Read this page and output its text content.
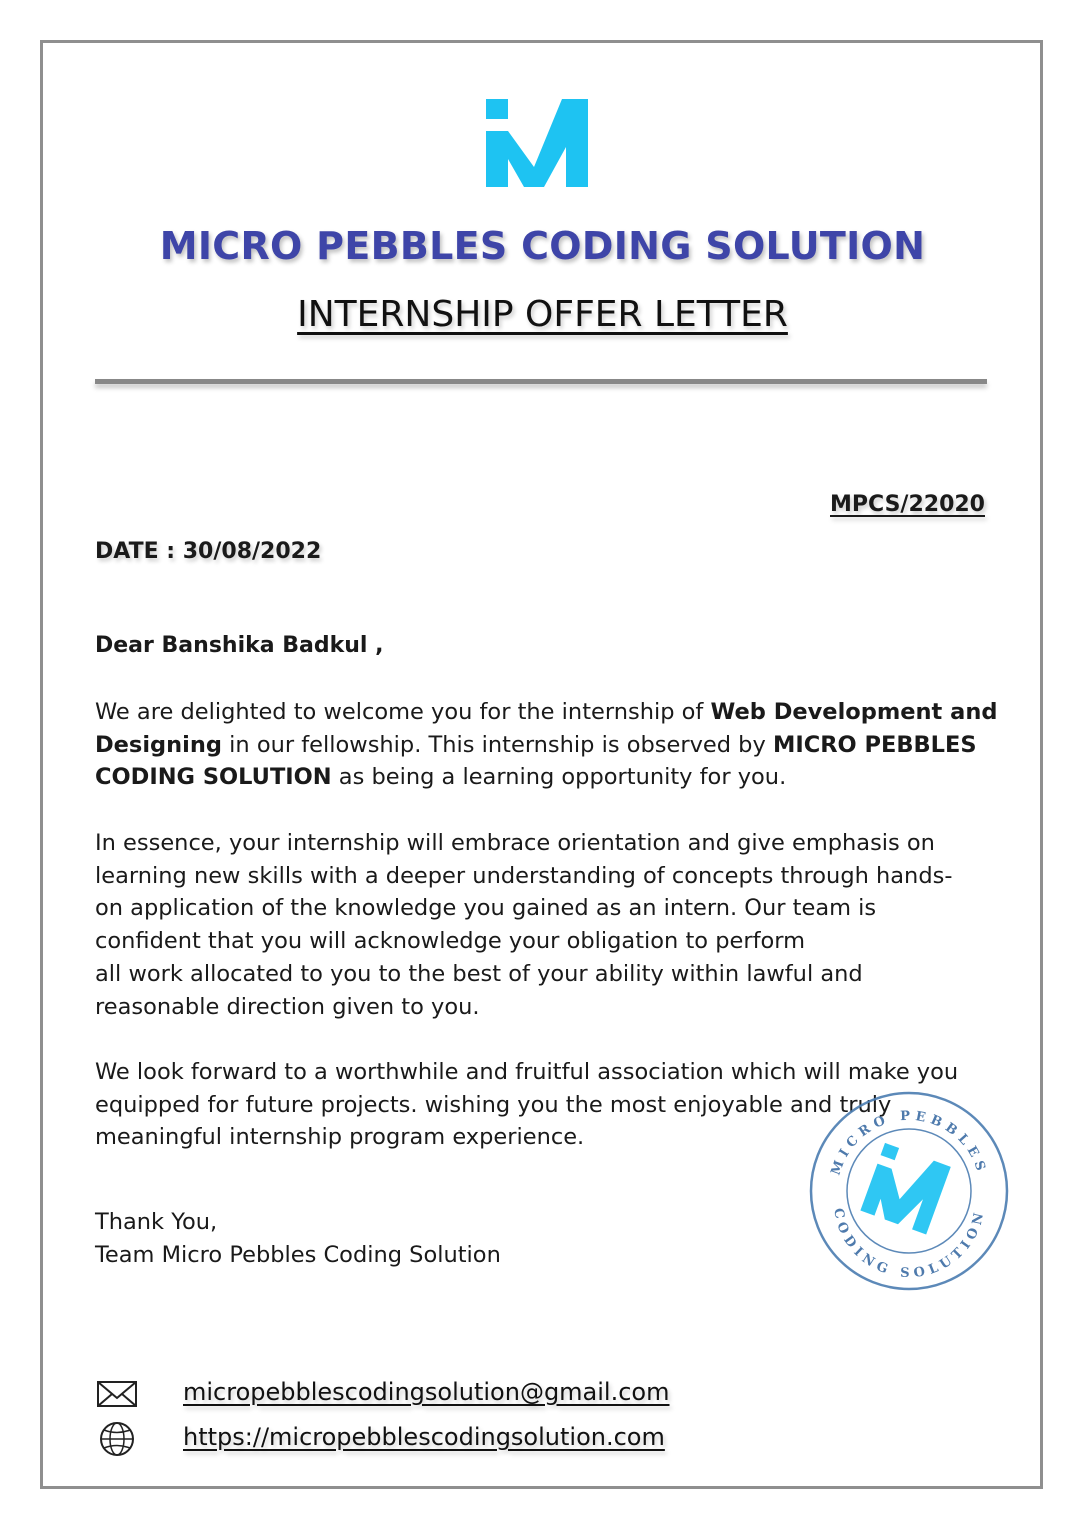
MICRO PEBBLES CODING SOLUTION
INTERNSHIP OFFER LETTER
MPCS/22020
DATE : 30/08/2022
Dear Banshika Badkul ,

We are delighted to welcome you for the internship of Web Development and Designing in our fellowship. This internship is observed by MICRO PEBBLES CODING SOLUTION as being a learning opportunity for you.

In essence, your internship will embrace orientation and give emphasis on
learning new skills with a deeper understanding of concepts through hands-
on application of the knowledge you gained as an intern. Our team is
confident that you will acknowledge your obligation to perform
all work allocated to you to the best of your ability within lawful and
reasonable direction given to you.
We look forward to a worthwhile and fruitful association which will make you
equipped for future projects. wishing you the most enjoyable and truly
meaningful internship program experience.
Thank You,
Team Micro Pebbles Coding Solution
MICRO PEBBLES
CODING SOLUTION
micropebblescodingsolution@gmail.com
https://micropebblescodingsolution.com
